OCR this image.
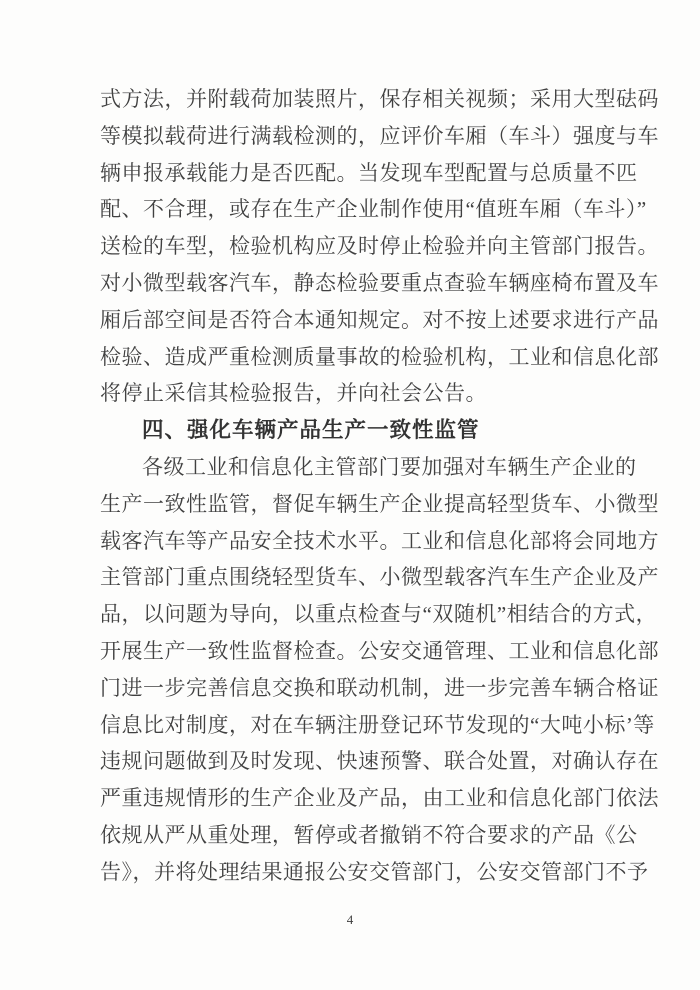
式方法，并附载荷加装照片，保存相关视频；采用大型砝码
等模拟载荷进行满载检测的，应评价车厢（车斗）强度与车
辆申报承载能力是否匹配。当发现车型配置与总质量不匹
配、不合理，或存在生产企业制作使用“值班车厢（车斗）”
送检的车型，检验机构应及时停止检验并向主管部门报告。
对小微型载客汽车，静态检验要重点查验车辆座椅布置及车
厢后部空间是否符合本通知规定。对不按上述要求进行产品
检验、造成严重检测质量事故的检验机构，工业和信息化部
将停止采信其检验报告，并向社会公告。
四、强化车辆产品生产一致性监管
各级工业和信息化主管部门要加强对车辆生产企业的
生产一致性监管，督促车辆生产企业提高轻型货车、小微型
载客汽车等产品安全技术水平。工业和信息化部将会同地方
主管部门重点围绕轻型货车、小微型载客汽车生产企业及产
品，以问题为导向，以重点检查与“双随机”相结合的方式，
开展生产一致性监督检查。公安交通管理、工业和信息化部
门进一步完善信息交换和联动机制，进一步完善车辆合格证
信息比对制度，对在车辆注册登记环节发现的“大吨小标’等
违规问题做到及时发现、快速预警、联合处置，对确认存在
严重违规情形的生产企业及产品，由工业和信息化部门依法
依规从严从重处理，暂停或者撤销不符合要求的产品《公
告》，并将处理结果通报公安交管部门，公安交管部门不予
4
